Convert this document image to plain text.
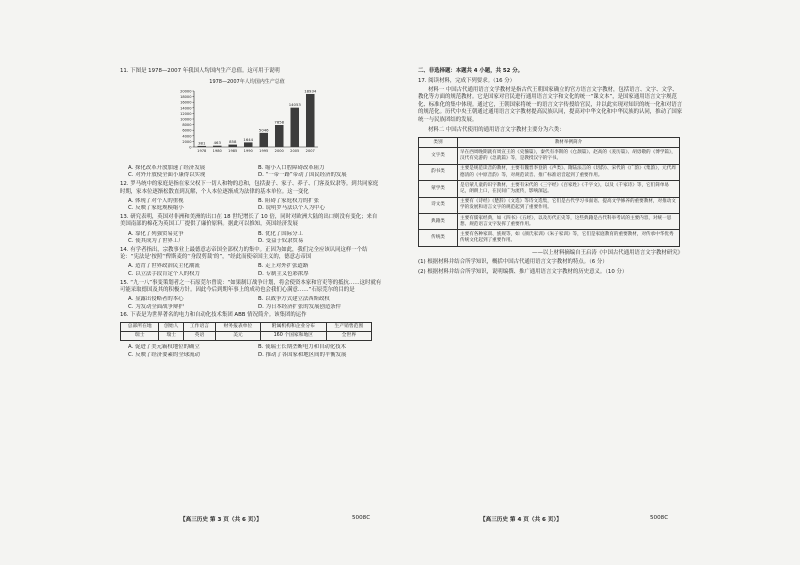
11. 下图是 1978—2007 年我国人均国内生产总值。这可用于说明
1978—2007年人均国内生产总值
0
2000
4000
6000
8000
10000
12000
14000
16000
18000
20000
381
1978
463
1980
858
1985
1644
1990
5046
1995
7858
2000
14053
2005
18934
2007
A. 探化改革开放加速了经济发展	B. 缩小人口腔障碍改革阻力
C. 对外开放使全面小康得以实现	D. “一带一路”带动了国民经济的发展
12. 罗马统中的家庭是指在家父权下一切人和物的总和，包括妻子、家子、养子、门客及奴隶等。到共同家庭时期，家本位逐渐松散直到瓦解，个人本位逐渐成为法律的基本单位。这一变化
A. 体现了对个人的重视	B. 阻碍了家庭权力的扩张
C. 反映了家庭规模缩小	D. 说明罗马法以个人为中心
13. 研究表明，英国对非洲和美洲的出口在 18 世纪增长了 10 倍，同时对欧洲大陆的出口则没有变化；来自美国南部的棉花为英国工厂提供了廉价原料。据此可以推知，英国经济发展
A. 靠化了列强贸易竞争	B. 优化了国际分工
C. 使其成为了世界工厂	D. 受益于奴隶贸易
14. 有学者指出，宗教事业上最德意志帝国全部权力的集中。正因为如此，我们完全应该认同这样一个结论：“宪法是‘按照’‘俾斯麦的’‘身段剪裁’的”，“经此而使帝国主义的，德意志帝国
A. 造背了世界政治民主化潮流	B. 走上对外扩张道路
C. 以立法手段肯定个人的权力	D. 专制主义色彩浓厚
15. “九一八”事变策划者之一石原莞尔曾说：“如果制订战争计划，将会使资本家和官吏等的抵抗……这时就有可能采取德国及其的积极方针。因此今后到期年事上的成功也会我们心满意……”石原莞尔的目的是
A. 显露出侵略者的本心	B. 以战争方式建立法西斯政权
C. 为发动全面战争辩护	D. 为日本经济扩张的发展创造条件
16. 下表是为世界著名的电力和自动化技术集团 ABB 情况简介。该集团的运作
总部所在地	创始人	工作语言	财务报表单位	附属机构和企业分布	生产销售范围
瑞士	瑞士	英语	美元	160 个国家和地区	全世界
A. 促进了美元霸权地位的确立	B. 使瑞士长期垄断电力和自动化技术
C. 反映了经济要素的全球流动	D. 推动了各国家和地区间的平衡发展
【高三历史 第 3 页（共 6 页）】	5008C
二、非选择题：本题共 4 小题，共 52 分。
17. 阅读材料，完成下列要求。（16 分）
材料一 中国古代通用语言文学教材是指古代王朝国家确立的官方语言文字教材，包括语言、文字、文学、教化等方面的规范教材。它是国家对官民进行通用语言文字和文化的统一“课文本”，是国家通用语言文字规范化、标准化的集中体现。通过它，王朝国家将统一的语言文字传授给官民，并以此实现对知识的统一化和对语言的规范化。历代中央王朝通过通用语言文字教材提高民族认同，提高对中华文化和中华民族的认同，推动了国家统一与民族团结的发展。
材料二 中国古代使用的通用语言文字教材主要分为六类：
类别	教材举例简介
文字类	早在西周晚期就有周宣王的《史籀篇》，秦代有李斯的《仓颉篇》、赵高的《爰历篇》、胡毋敬的《博学篇》，汉代有史游的《急就篇》等，是教授汉字的字书。
韵书类	主要是规范读音的教材，主要有魏晋李登的《声类》、隋陆法言的《切韵》、宋代的《广韵》《集韵》，元代周德清的《中原音韵》等，对规范读音、推广标准语音起到了重要作用。
蒙学类	是启蒙儿童的识字教材，主要有宋代的《三字经》《百家姓》《千字文》，以及《千家诗》等，它们简单易记，朗朗上口，在民间广为流传，影响深远。
诗文类	主要有《诗经》《楚辞》《文选》等诗文选集，它们是古代学习书面语、提高文学修养的重要教材，对推动文学的发展和语言文字的规范起到了重要作用。
典籍类	主要有儒家经典，如《四书》《五经》，以及历代正史等，这些典籍是古代科举考试的主要内容，对统一思想、规范语言文字发挥了重要作用。
传统类	主要有各种家训、族规等，如《颜氏家训》《朱子家训》等，它们是家庭教育的重要教材，对传承中华优秀传统文化起到了重要作用。
——以上材料摘编自王启涛《中国古代通用语言文字教材研究》
(1) 根据材料并结合所学知识，概括中国古代通用语言文字教材的特点。（6 分）
(2) 根据材料并结合所学知识，说明编撰、推广通用语言文字教材的历史意义。（10 分）
【高三历史 第 4 页（共 6 页）】	5008C
